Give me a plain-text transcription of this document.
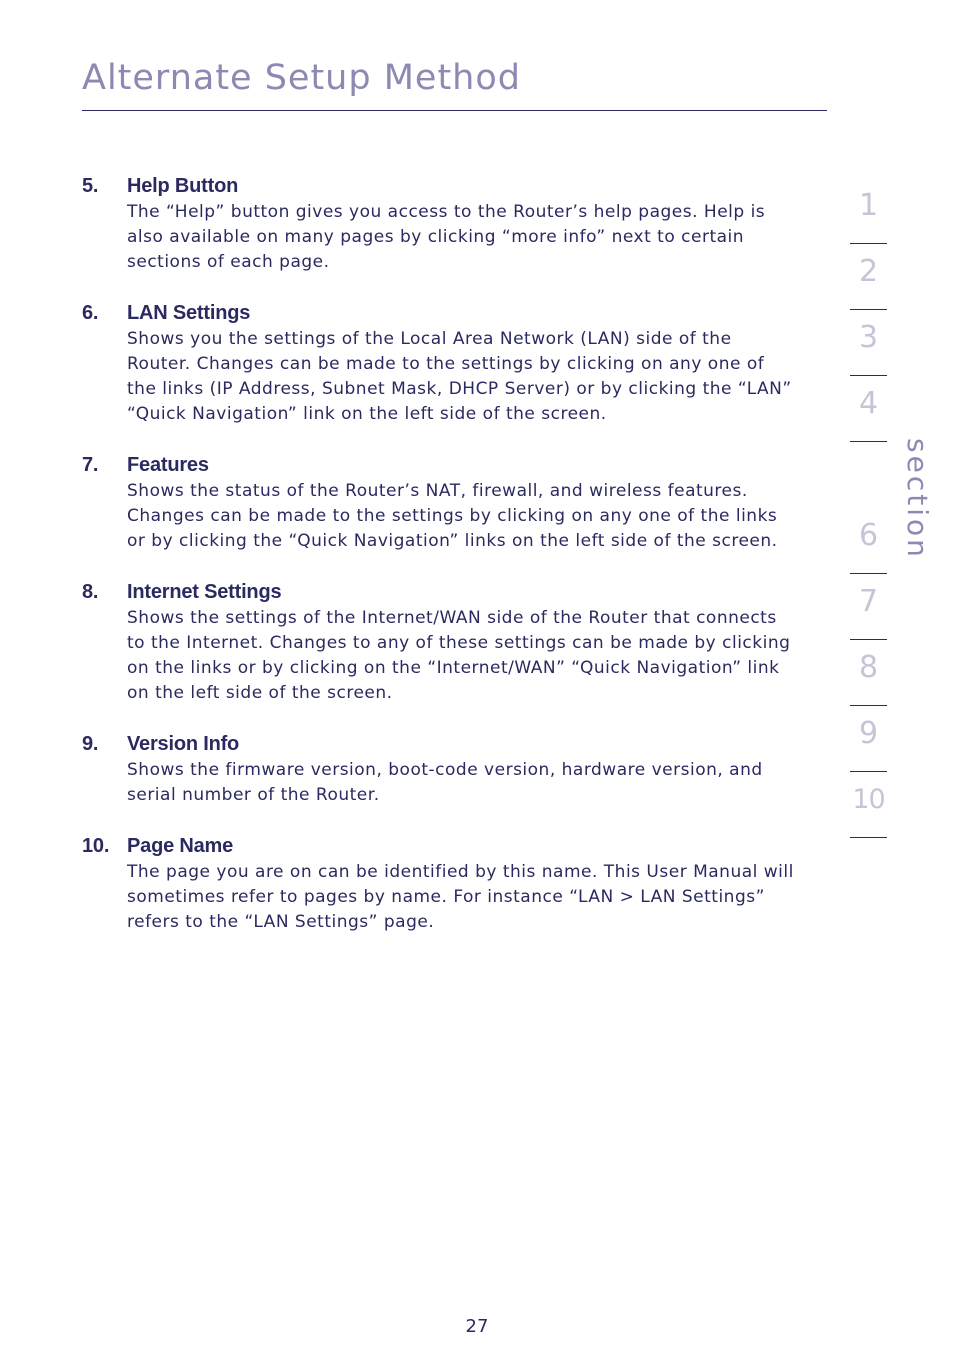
Alternate Setup Method
5. Help Button

The “Help” button gives you access to the Router’s help pages. Help is
also available on many pages by clicking “more info” next to certain
sections of each page.

6. LAN Settings

Shows you the settings of the Local Area Network (LAN) side of the
Router. Changes can be made to the settings by clicking on any one of
the links (IP Address, Subnet Mask, DHCP Server) or by clicking the “LAN”
“Quick Navigation” link on the left side of the screen.

7. Features

Shows the status of the Router’s NAT, firewall, and wireless features.
Changes can be made to the settings by clicking on any one of the links
or by clicking the “Quick Navigation” links on the left side of the screen.

8. Internet Settings

Shows the settings of the Internet/WAN side of the Router that connects
to the Internet. Changes to any of these settings can be made by clicking
on the links or by clicking on the “Internet/WAN” “Quick Navigation” link
on the left side of the screen.

9. Version Info

Shows the firmware version, boot-code version, hardware version, and
serial number of the Router.

10. Page Name

The page you are on can be identified by this name. This User Manual will
sometimes refer to pages by name. For instance “LAN > LAN Settings”
refers to the “LAN Settings” page.

1
2
3
4
5
6
7
8
9
10
section
27
